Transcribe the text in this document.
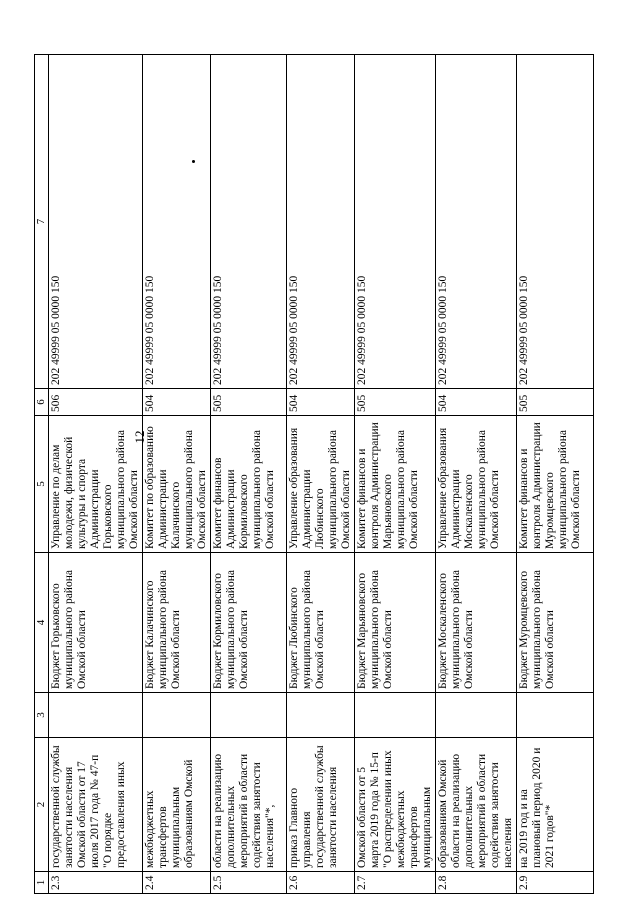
12
1	2	3	4	5	6	7
2.3	государственной службы занятости населения Омской области от 17 июля 2017 года № 47-п "О порядке предоставления иных		Бюджет Горьковского муниципального района Омской области	Управление по делам молодежи, физической культуры и спорта Администрации Горьковского муниципального района Омской области	506	202 49999 05 0000 150
2.4	межбюджетных трансфертов муниципальным образованиям Омской		Бюджет Калачинского муниципального района Омской области	Комитет по образованию Администрации Калачинского муниципального района Омской области	504	202 49999 05 0000 150
2.5	области на реализацию дополнительных мероприятий в области содействия занятости населения"*,		Бюджет Кормиловского муниципального района Омской области	Комитет финансов Администрации Кормиловского муниципального района Омской области	505	202 49999 05 0000 150
2.6	приказ Главного управления государственной службы занятости населения		Бюджет Любинского муниципального района Омской области	Управление образования Администрации Любинского муниципального района Омской области	504	202 49999 05 0000 150
2.7	Омской области от 5 марта 2019 года № 15-п "О распределении иных межбюджетных трансфертов муниципальным		Бюджет Марьяновского муниципального района Омской области	Комитет финансов и контроля Администрации Марьяновского муниципального района Омской области	505	202 49999 05 0000 150
2.8	образованиям Омской области на реализацию дополнительных мероприятий в области содействия занятости населения		Бюджет Москаленского муниципального района Омской области	Управление образования Администрации Москаленского муниципального района Омской области	504	202 49999 05 0000 150
2.9	на 2019 год и на плановый период 2020 и 2021 годов"*		Бюджет Муромцевского муниципального района Омской области	Комитет финансов и контроля Администрации Муромцевского муниципального района Омской области	505	202 49999 05 0000 150
